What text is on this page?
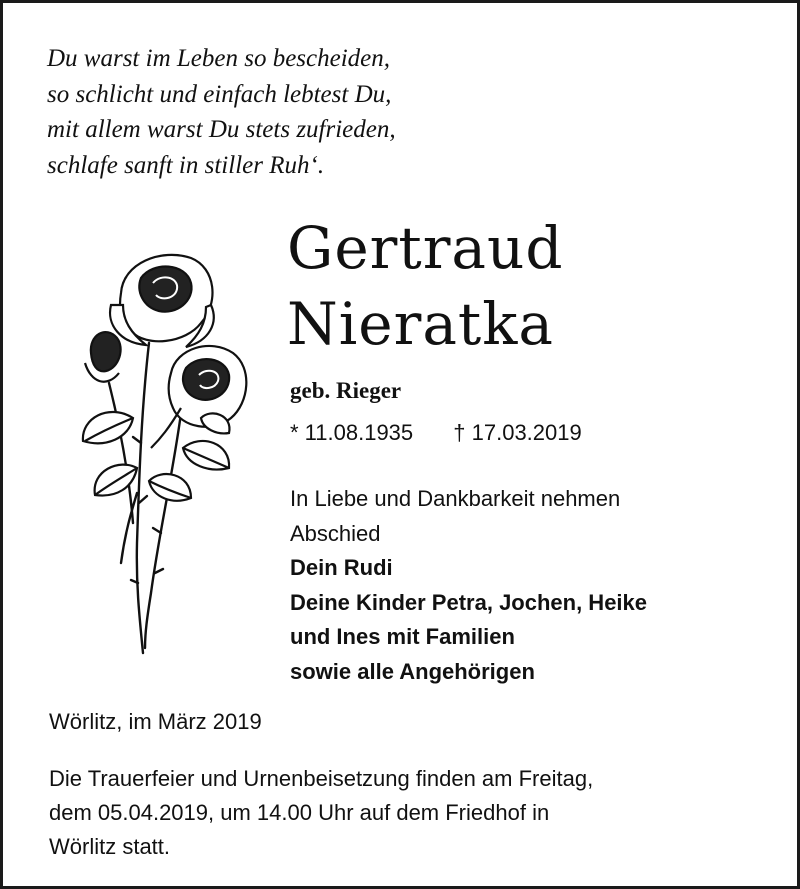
Du warst im Leben so bescheiden,
so schlicht und einfach lebtest Du,
mit allem warst Du stets zufrieden,
schlafe sanft in stiller Ruh‘.

Gertraud
Nieratka
geb. Rieger
* 11.08.1935 † 17.03.2019
In Liebe und Dankbarkeit nehmen
Abschied
Dein Rudi
Deine Kinder Petra, Jochen, Heike
und Ines mit Familien
sowie alle Angehörigen
Wörlitz, im März 2019
Die Trauerfeier und Urnenbeisetzung finden am Freitag,
dem 05.04.2019, um 14.00 Uhr auf dem Friedhof in
Wörlitz statt.
